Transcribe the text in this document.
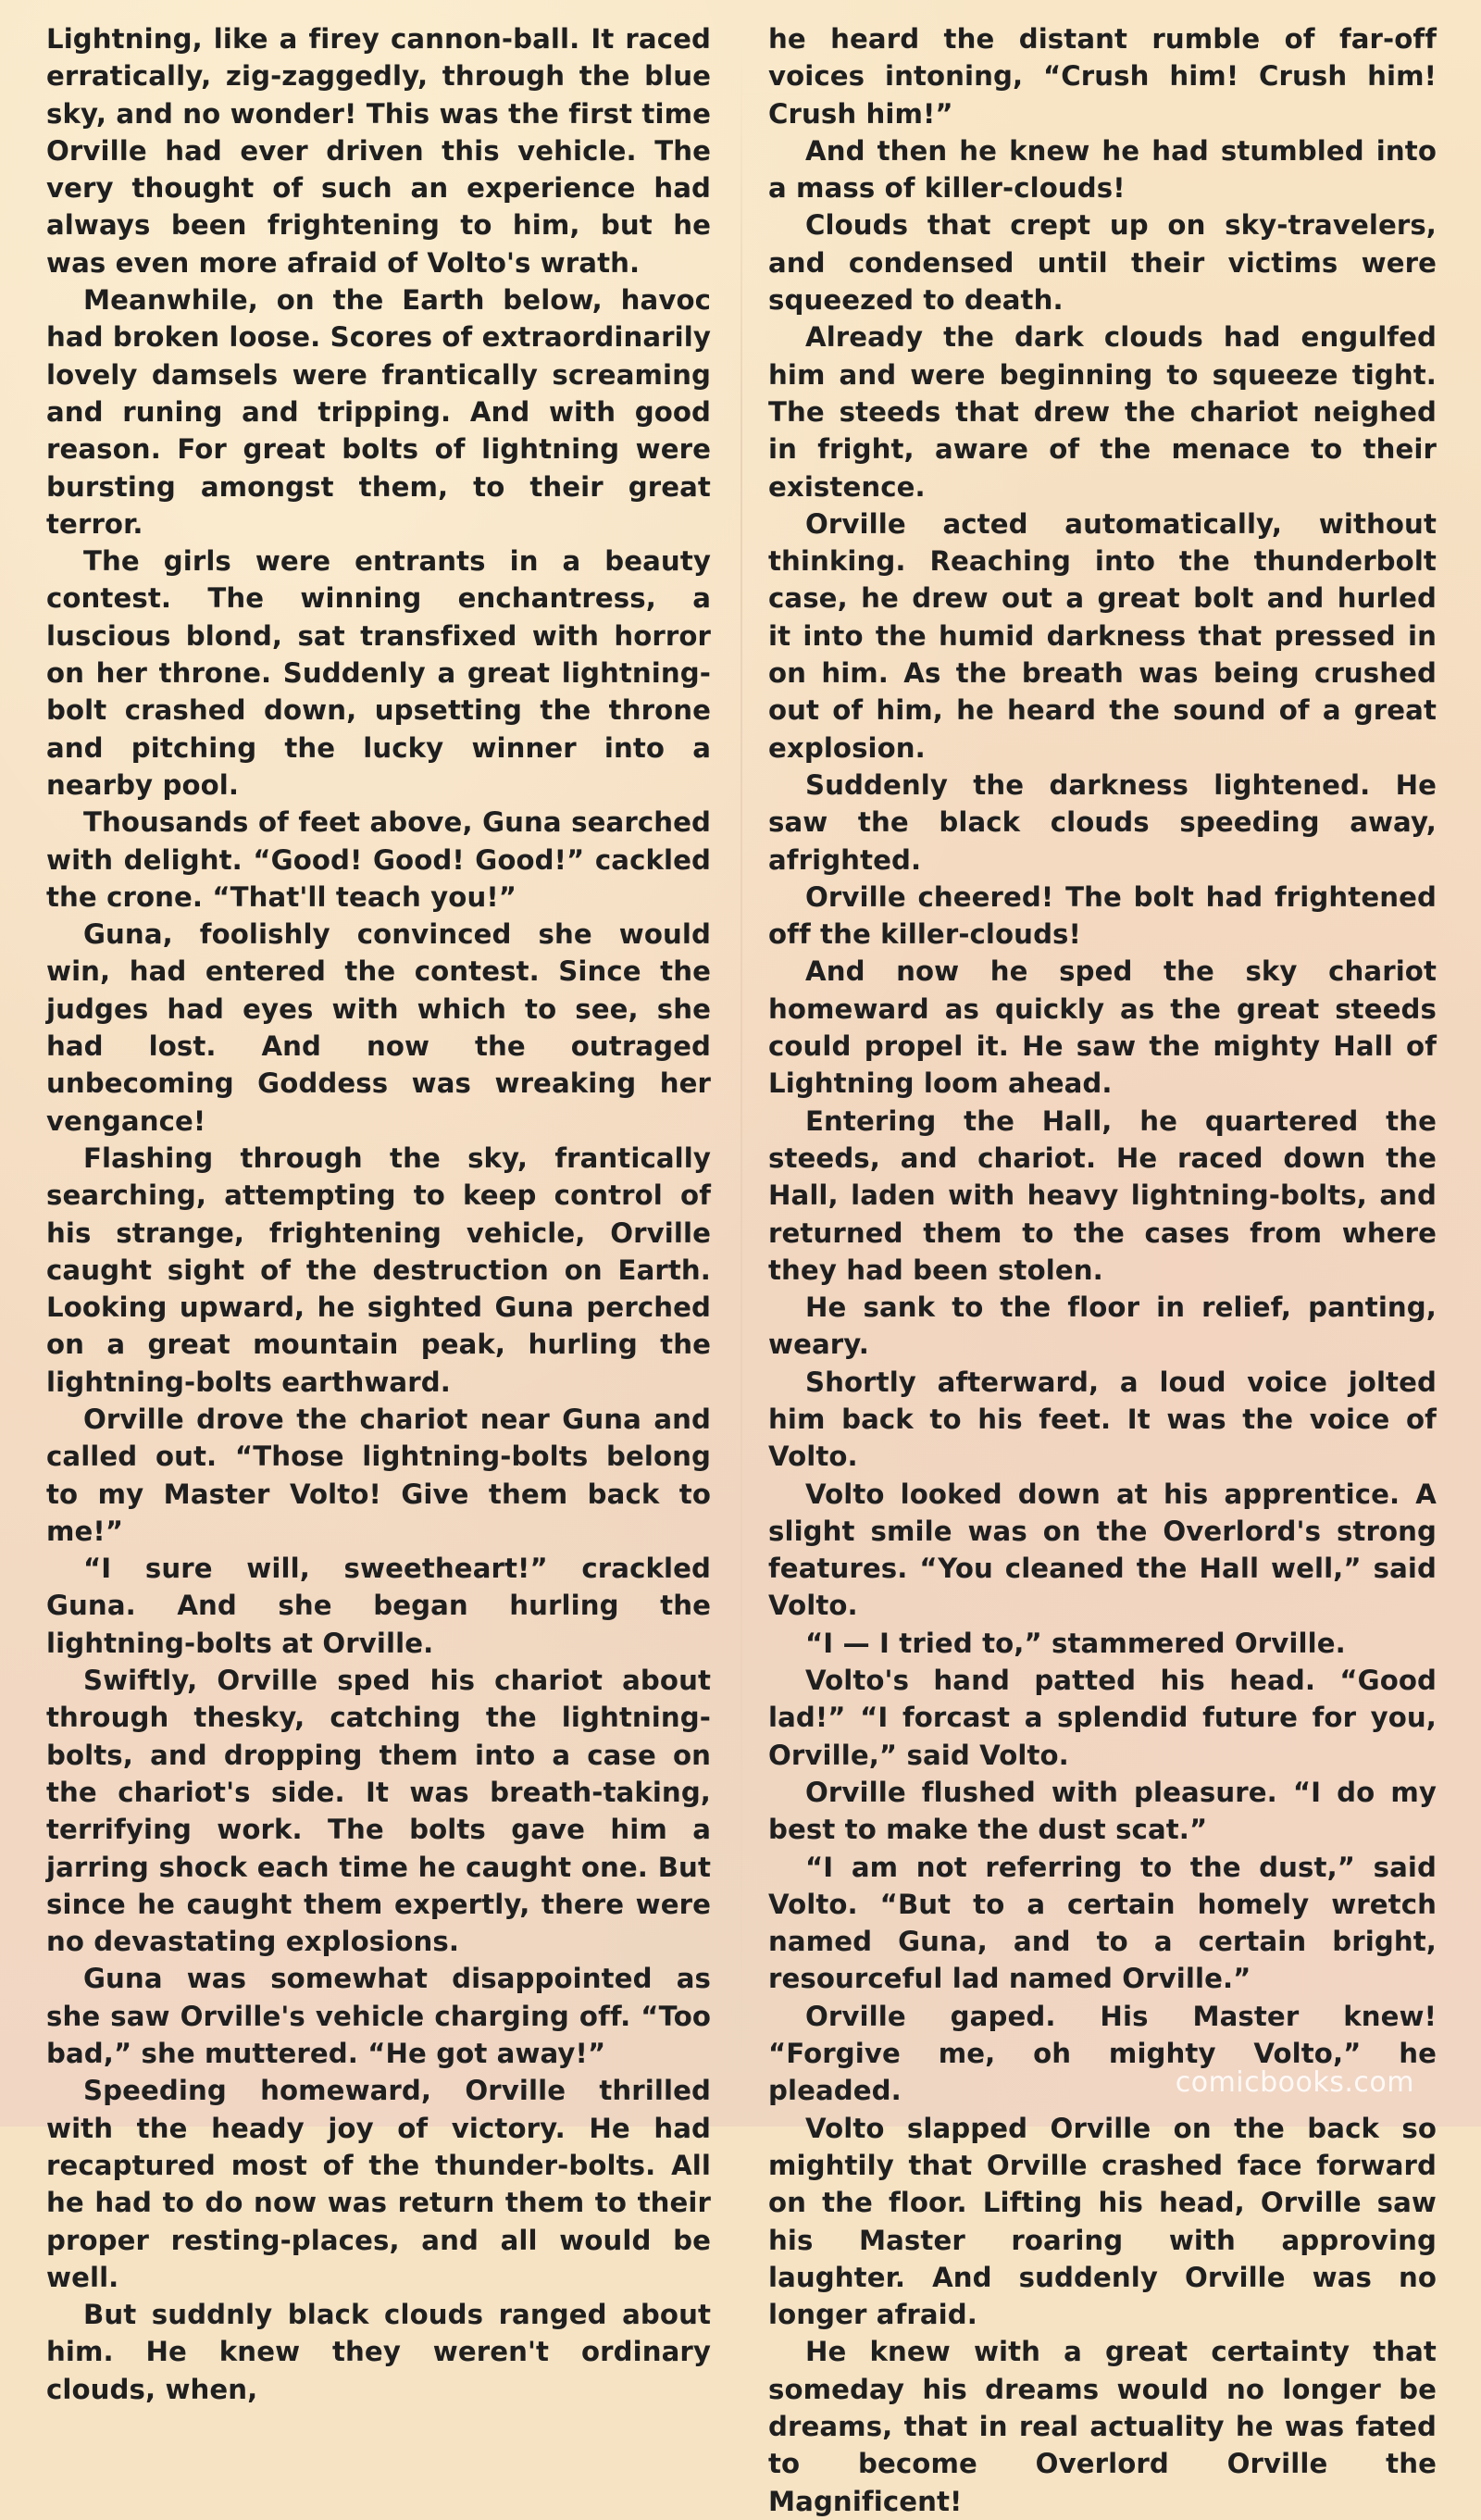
Lightning, like a firey cannon-ball. It raced erratically, zig-zaggedly, through the blue sky, and no wonder! This was the first time Orville had ever driven this vehicle. The very thought of such an experience had always been frightening to him, but he was even more afraid of Volto's wrath.

Meanwhile, on the Earth below, havoc had broken loose. Scores of extraordinarily lovely damsels were frantically screaming and runing and tripping. And with good reason. For great bolts of lightning were bursting amongst them, to their great terror.

The girls were entrants in a beauty contest. The winning enchantress, a luscious blond, sat transfixed with horror on her throne. Suddenly a great lightning-bolt crashed down, upsetting the throne and pitching the lucky winner into a nearby pool.

Thousands of feet above, Guna searched with delight. “Good! Good! Good!” cackled the crone. “That'll teach you!”

Guna, foolishly convinced she would win, had entered the contest. Since the judges had eyes with which to see, she had lost. And now the outraged unbecoming Goddess was wreaking her vengance!

Flashing through the sky, frantically searching, attempting to keep control of his strange, frightening vehicle, Orville caught sight of the destruction on Earth. Looking upward, he sighted Guna perched on a great mountain peak, hurling the lightning-bolts earthward.

Orville drove the chariot near Guna and called out. “Those lightning-bolts belong to my Master Volto! Give them back to me!”

“I sure will, sweetheart!” crackled Guna. And she began hurling the lightning-bolts at Orville.

Swiftly, Orville sped his chariot about through thesky, catching the lightning-bolts, and dropping them into a case on the chariot's side. It was breath-taking, terrifying work. The bolts gave him a jarring shock each time he caught one. But since he caught them expertly, there were no devastating explosions.

Guna was somewhat disappointed as she saw Orville's vehicle charging off. “Too bad,” she muttered. “He got away!”

Speeding homeward, Orville thrilled with the heady joy of victory. He had recaptured most of the thunder-bolts. All he had to do now was return them to their proper resting-places, and all would be well.

But suddnly black clouds ranged about him. He knew they weren't ordinary clouds, when,

he heard the distant rumble of far-off voices intoning, “Crush him! Crush him! Crush him!”

And then he knew he had stumbled into a mass of killer-clouds!

Clouds that crept up on sky-travelers, and condensed until their victims were squeezed to death.

Already the dark clouds had engulfed him and were beginning to squeeze tight. The steeds that drew the chariot neighed in fright, aware of the menace to their existence.

Orville acted automatically, without thinking. Reaching into the thunderbolt case, he drew out a great bolt and hurled it into the humid darkness that pressed in on him. As the breath was being crushed out of him, he heard the sound of a great explosion.

Suddenly the darkness lightened. He saw the black clouds speeding away, afrighted.

Orville cheered! The bolt had frightened off the killer-clouds!

And now he sped the sky chariot homeward as quickly as the great steeds could propel it. He saw the mighty Hall of Lightning loom ahead.

Entering the Hall, he quartered the steeds, and chariot. He raced down the Hall, laden with heavy lightning-bolts, and returned them to the cases from where they had been stolen.

He sank to the floor in relief, panting, weary.

Shortly afterward, a loud voice jolted him back to his feet. It was the voice of Volto.

Volto looked down at his apprentice. A slight smile was on the Overlord's strong features. “You cleaned the Hall well,” said Volto.

“I — I tried to,” stammered Orville.

Volto's hand patted his head. “Good lad!” “I forcast a splendid future for you, Orville,” said Volto.

Orville flushed with pleasure. “I do my best to make the dust scat.”

“I am not referring to the dust,” said Volto. “But to a certain homely wretch named Guna, and to a certain bright, resourceful lad named Orville.”

Orville gaped. His Master knew! “Forgive me, oh mighty Volto,” he pleaded.

Volto slapped Orville on the back so mightily that Orville crashed face forward on the floor. Lifting his head, Orville saw his Master roaring with approving laughter. And suddenly Orville was no longer afraid.

He knew with a great certainty that someday his dreams would no longer be dreams, that in real actuality he was fated to become Overlord Orville the Magnificent!

comicbooks.com
